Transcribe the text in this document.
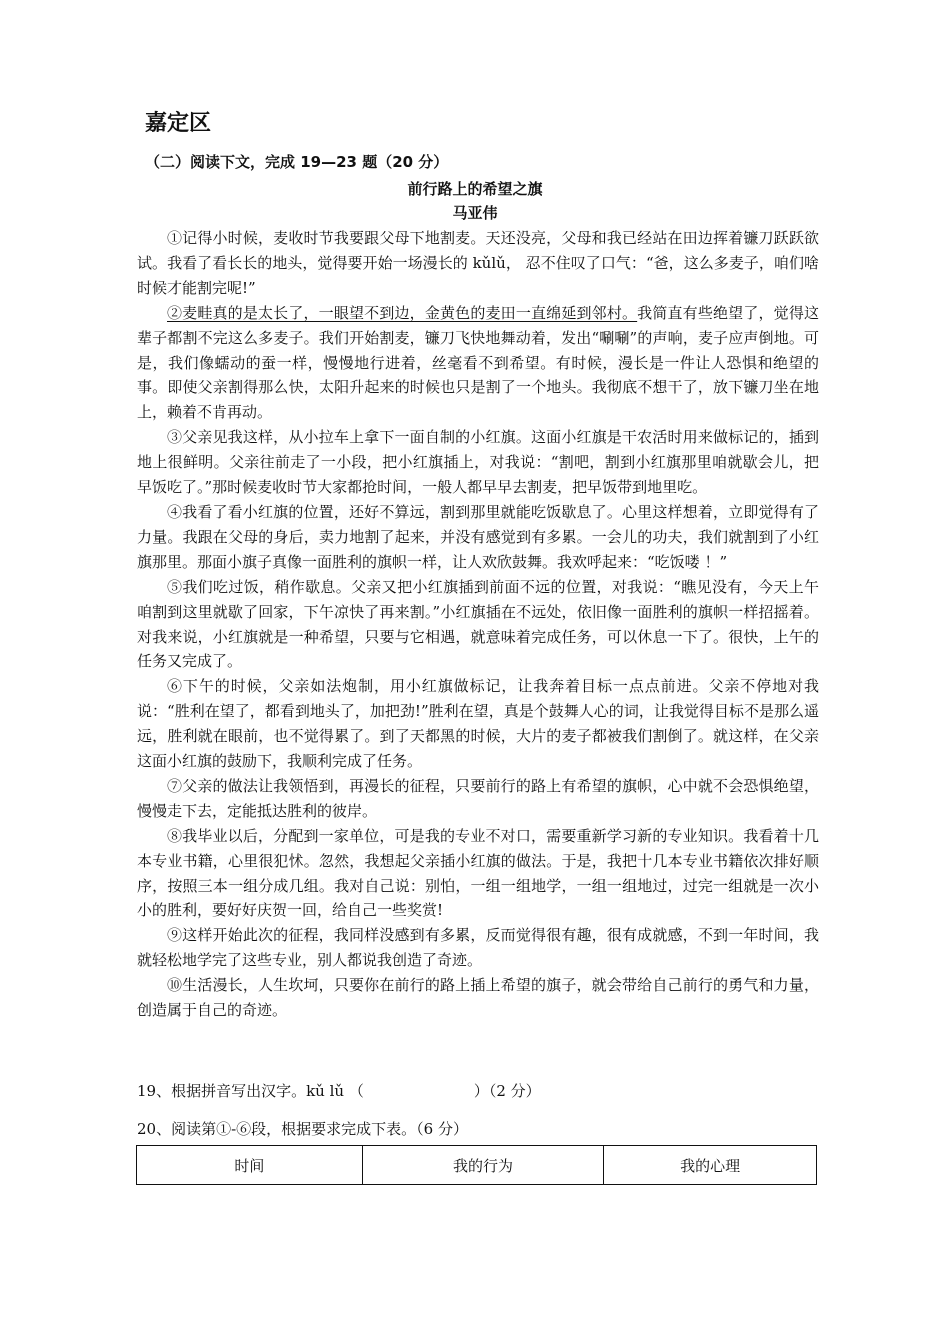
嘉定区
（二）阅读下文，完成 19—23 题（20 分）
前行路上的希望之旗
马亚伟

①记得小时候，麦收时节我要跟父母下地割麦。天还没亮，父母和我已经站在田边挥着镰刀跃跃欲试。我看了看长长的地头，觉得要开始一场漫长的 kǔlǔ， 忍不住叹了口气：“爸，这么多麦子，咱们啥时候才能割完呢!”

②麦畦真的是太长了，一眼望不到边，金黄色的麦田一直绵延到邻村。我简直有些绝望了，觉得这辈子都割不完这么多麦子。我们开始割麦，镰刀飞快地舞动着，发出“唰唰”的声响，麦子应声倒地。可是，我们像蠕动的蚕一样，慢慢地行进着，丝毫看不到希望。有时候，漫长是一件让人恐惧和绝望的事。即使父亲割得那么快，太阳升起来的时候也只是割了一个地头。我彻底不想干了，放下镰刀坐在地上，赖着不肯再动。

③父亲见我这样，从小拉车上拿下一面自制的小红旗。这面小红旗是干农活时用来做标记的，插到地上很鲜明。父亲往前走了一小段，把小红旗插上，对我说：“割吧，割到小红旗那里咱就歇会儿，把早饭吃了。”那时候麦收时节大家都抢时间，一般人都早早去割麦，把早饭带到地里吃。

④我看了看小红旗的位置，还好不算远，割到那里就能吃饭歇息了。心里这样想着，立即觉得有了力量。我跟在父母的身后，卖力地割了起来，并没有感觉到有多累。一会儿的功夫，我们就割到了小红旗那里。那面小旗子真像一面胜利的旗帜一样，让人欢欣鼓舞。我欢呼起来：“吃饭喽 ！”

⑤我们吃过饭，稍作歇息。父亲又把小红旗插到前面不远的位置，对我说：“瞧见没有，今天上午咱割到这里就歇了回家，下午凉快了再来割。”小红旗插在不远处，依旧像一面胜利的旗帜一样招摇着。对我来说，小红旗就是一种希望，只要与它相遇，就意味着完成任务，可以休息一下了。很快，上午的任务又完成了。

⑥下午的时候，父亲如法炮制，用小红旗做标记，让我奔着目标一点点前进。父亲不停地对我说：“胜利在望了，都看到地头了，加把劲!”胜利在望，真是个鼓舞人心的词，让我觉得目标不是那么遥远，胜利就在眼前，也不觉得累了。到了天都黑的时候，大片的麦子都被我们割倒了。就这样，在父亲这面小红旗的鼓励下，我顺利完成了任务。

⑦父亲的做法让我领悟到，再漫长的征程，只要前行的路上有希望的旗帜，心中就不会恐惧绝望，慢慢走下去，定能抵达胜利的彼岸。

⑧我毕业以后，分配到一家单位，可是我的专业不对口，需要重新学习新的专业知识。我看着十几本专业书籍，心里很犯怵。忽然，我想起父亲插小红旗的做法。于是，我把十几本专业书籍依次排好顺序，按照三本一组分成几组。我对自己说：别怕，一组一组地学，一组一组地过，过完一组就是一次小小的胜利，要好好庆贺一回，给自己一些奖赏!

⑨这样开始此次的征程，我同样没感到有多累，反而觉得很有趣，很有成就感，不到一年时间，我就轻松地学完了这些专业，别人都说我创造了奇迹。

⑩生活漫长，人生坎坷，只要你在前行的路上插上希望的旗子，就会带给自己前行的勇气和力量，创造属于自己的奇迹。

19、根据拼音写出汉字。kǔ lǔ （	）（2 分）
20、阅读第①-⑥段，根据要求完成下表。（6 分）
时间	我的行为	我的心理
